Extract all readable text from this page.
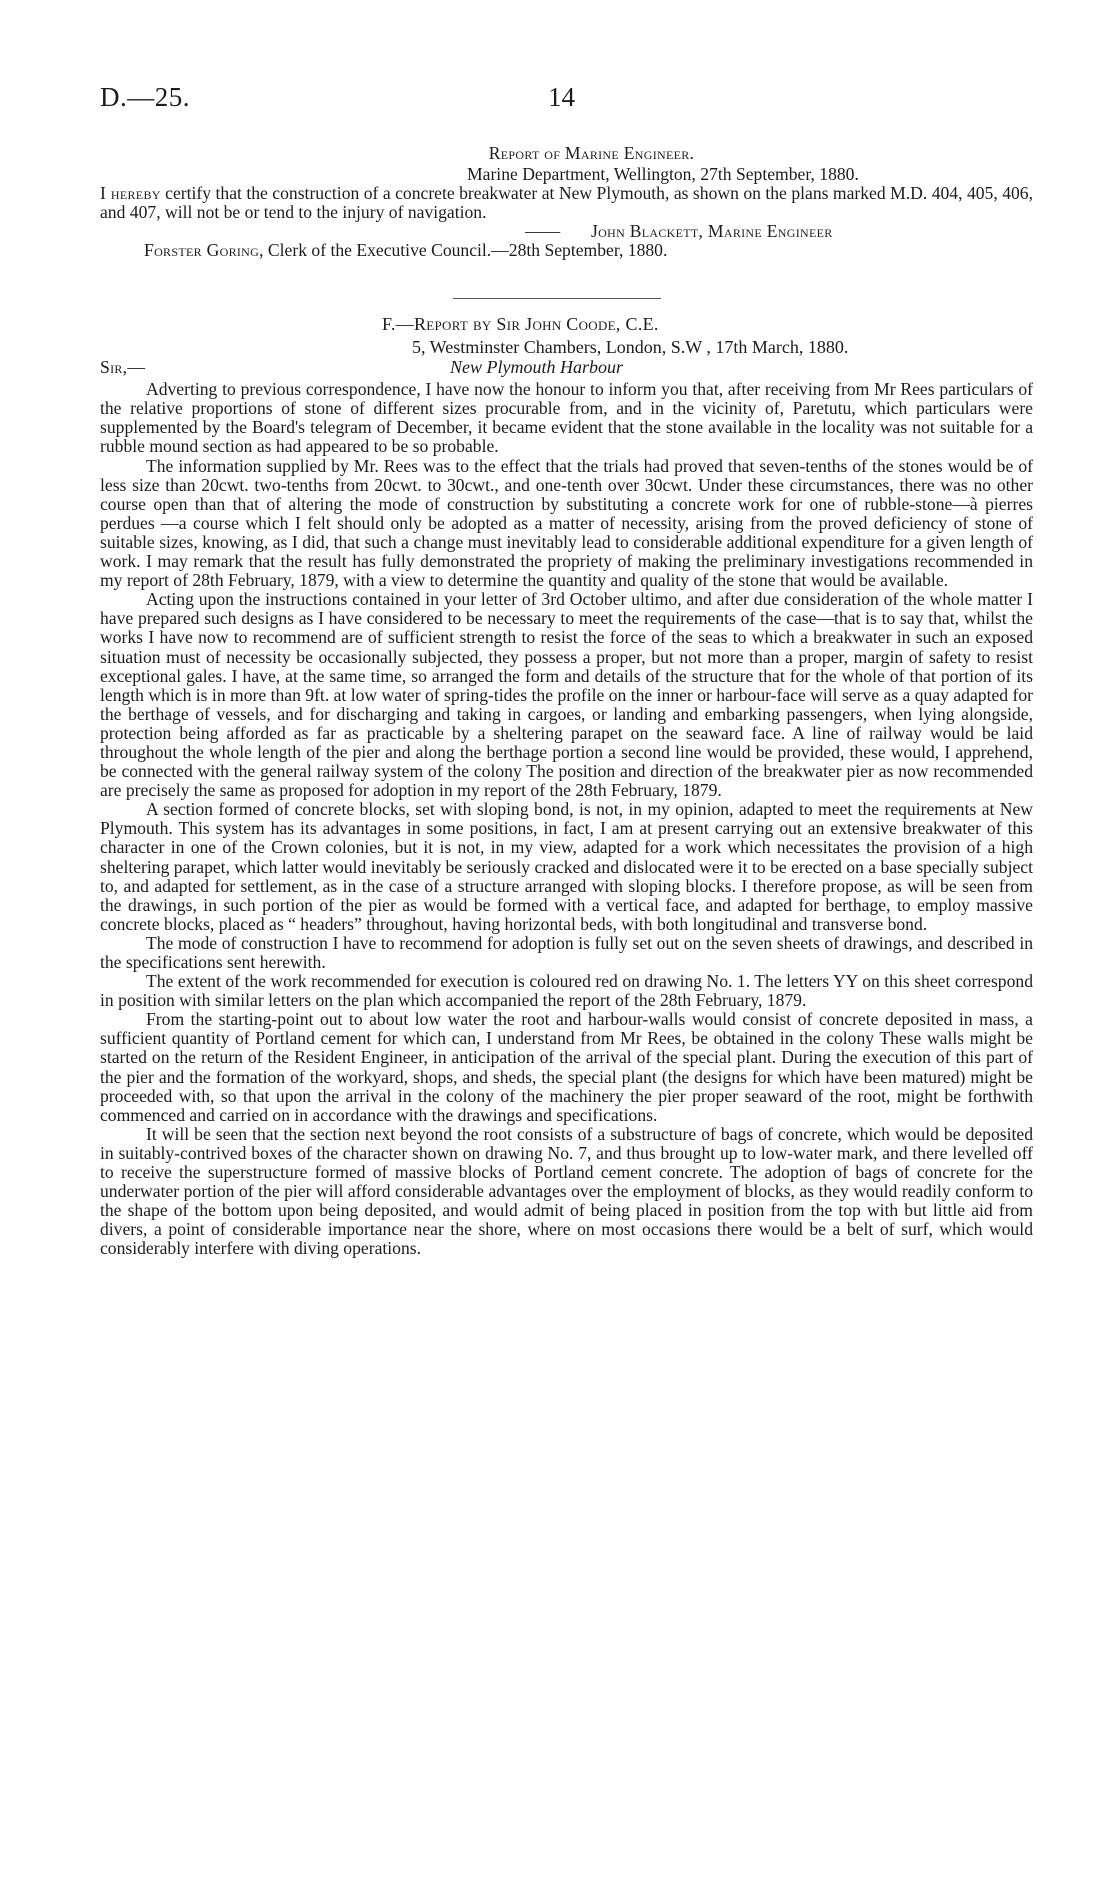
D.—25.	14

Report of Marine Engineer.

Marine Department, Wellington, 27th September, 1880.

I hereby certify that the construction of a concrete breakwater at New Plymouth, as shown on the plans marked M.D. 404, 405, 406, and 407, will not be or tend to the injury of navigation.

—— John Blackett, Marine Engineer

Forster Goring, Clerk of the Executive Council.—28th September, 1880.

F.—Report by Sir John Coode, C.E.

5, Westminster Chambers, London, S.W , 17th March, 1880.

Sir,—	New Plymouth Harbour

Adverting to previous correspondence, I have now the honour to inform you that, after receiving from Mr Rees particulars of the relative proportions of stone of different sizes procurable from, and in the vicinity of, Paretutu, which particulars were supplemented by the Board's telegram of December, it became evident that the stone available in the locality was not suitable for a rubble mound section as had appeared to be so probable.

The information supplied by Mr. Rees was to the effect that the trials had proved that seven-tenths of the stones would be of less size than 20cwt. two-tenths from 20cwt. to 30cwt., and one-tenth over 30cwt. Under these circumstances, there was no other course open than that of altering the mode of construction by substituting a concrete work for one of rubble-stone—à pierres perdues —a course which I felt should only be adopted as a matter of necessity, arising from the proved deficiency of stone of suitable sizes, knowing, as I did, that such a change must inevitably lead to considerable additional expenditure for a given length of work. I may remark that the result has fully demonstrated the propriety of making the preliminary investigations recommended in my report of 28th February, 1879, with a view to determine the quantity and quality of the stone that would be available.

Acting upon the instructions contained in your letter of 3rd October ultimo, and after due consideration of the whole matter I have prepared such designs as I have considered to be necessary to meet the requirements of the case—that is to say that, whilst the works I have now to recommend are of sufficient strength to resist the force of the seas to which a breakwater in such an exposed situation must of necessity be occasionally subjected, they possess a proper, but not more than a proper, margin of safety to resist exceptional gales. I have, at the same time, so arranged the form and details of the structure that for the whole of that portion of its length which is in more than 9ft. at low water of spring-tides the profile on the inner or harbour-face will serve as a quay adapted for the berthage of vessels, and for discharging and taking in cargoes, or landing and embarking passengers, when lying alongside, protection being afforded as far as practicable by a sheltering parapet on the seaward face. A line of railway would be laid throughout the whole length of the pier and along the berthage portion a second line would be provided, these would, I apprehend, be connected with the general railway system of the colony The position and direction of the breakwater pier as now recommended are precisely the same as proposed for adoption in my report of the 28th February, 1879.

A section formed of concrete blocks, set with sloping bond, is not, in my opinion, adapted to meet the requirements at New Plymouth. This system has its advantages in some positions, in fact, I am at present carrying out an extensive breakwater of this character in one of the Crown colonies, but it is not, in my view, adapted for a work which necessitates the provision of a high sheltering parapet, which latter would inevitably be seriously cracked and dislocated were it to be erected on a base specially subject to, and adapted for settlement, as in the case of a structure arranged with sloping blocks. I therefore propose, as will be seen from the drawings, in such portion of the pier as would be formed with a vertical face, and adapted for berthage, to employ massive concrete blocks, placed as “ headers” throughout, having horizontal beds, with both longitudinal and transverse bond.

The mode of construction I have to recommend for adoption is fully set out on the seven sheets of drawings, and described in the specifications sent herewith.

The extent of the work recommended for execution is coloured red on drawing No. 1. The letters YY on this sheet correspond in position with similar letters on the plan which accompanied the report of the 28th February, 1879.

From the starting-point out to about low water the root and harbour-walls would consist of concrete deposited in mass, a sufficient quantity of Portland cement for which can, I understand from Mr Rees, be obtained in the colony These walls might be started on the return of the Resident Engineer, in anticipation of the arrival of the special plant. During the execution of this part of the pier and the formation of the workyard, shops, and sheds, the special plant (the designs for which have been matured) might be proceeded with, so that upon the arrival in the colony of the machinery the pier proper seaward of the root, might be forthwith commenced and carried on in accordance with the drawings and specifications.

It will be seen that the section next beyond the root consists of a substructure of bags of concrete, which would be deposited in suitably-contrived boxes of the character shown on drawing No. 7, and thus brought up to low-water mark, and there levelled off to receive the superstructure formed of massive blocks of Portland cement concrete. The adoption of bags of concrete for the underwater portion of the pier will afford considerable advantages over the employment of blocks, as they would readily conform to the shape of the bottom upon being deposited, and would admit of being placed in position from the top with but little aid from divers, a point of considerable importance near the shore, where on most occasions there would be a belt of surf, which would considerably interfere with diving operations.
